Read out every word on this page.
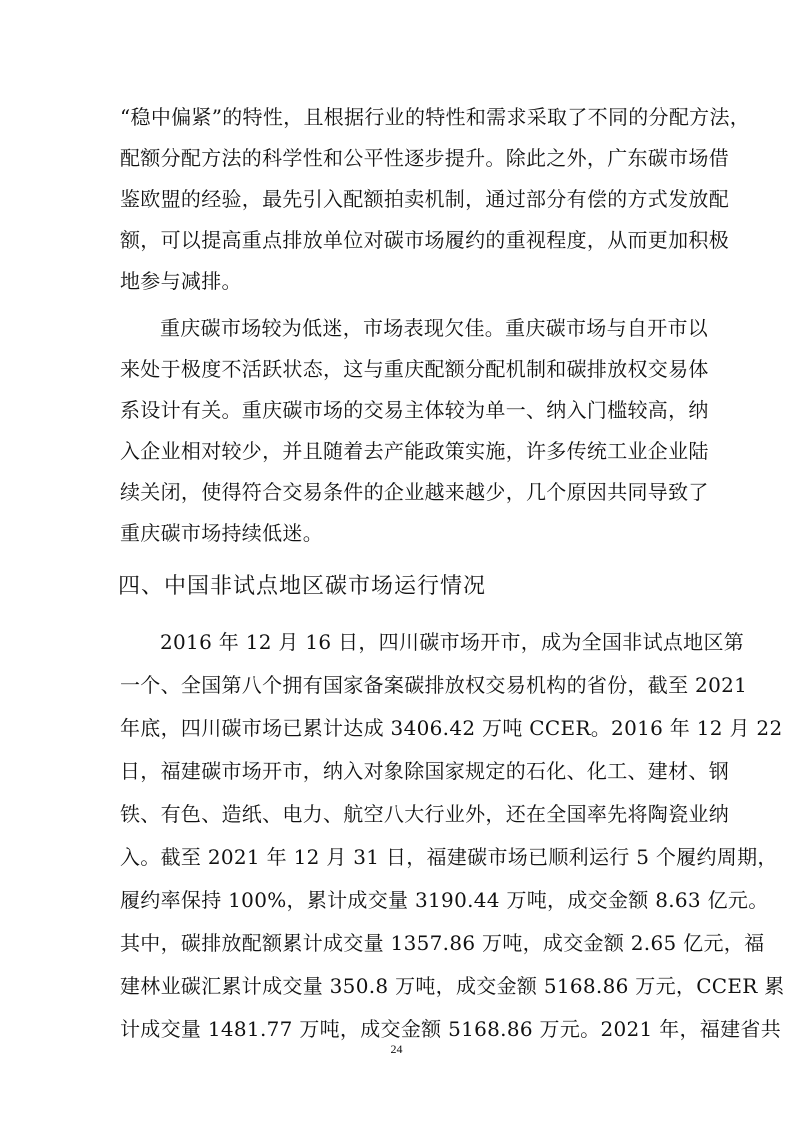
“稳中偏紧”的特性，且根据行业的特性和需求采取了不同的分配方法，
配额分配方法的科学性和公平性逐步提升。除此之外，广东碳市场借
鉴欧盟的经验，最先引入配额拍卖机制，通过部分有偿的方式发放配
额，可以提高重点排放单位对碳市场履约的重视程度，从而更加积极
地参与减排。
重庆碳市场较为低迷，市场表现欠佳。重庆碳市场与自开市以
来处于极度不活跃状态，这与重庆配额分配机制和碳排放权交易体
系设计有关。重庆碳市场的交易主体较为单一、纳入门槛较高，纳
入企业相对较少，并且随着去产能政策实施，许多传统工业企业陆
续关闭，使得符合交易条件的企业越来越少，几个原因共同导致了
重庆碳市场持续低迷。
四、中国非试点地区碳市场运行情况
2016 年 12 月 16 日，四川碳市场开市，成为全国非试点地区第
一个、全国第八个拥有国家备案碳排放权交易机构的省份，截至 2021
年底，四川碳市场已累计达成 3406.42 万吨 CCER。2016 年 12 月 22
日，福建碳市场开市，纳入对象除国家规定的石化、化工、建材、钢
铁、有色、造纸、电力、航空八大行业外，还在全国率先将陶瓷业纳
入。截至 2021 年 12 月 31 日，福建碳市场已顺利运行 5 个履约周期，
履约率保持 100%，累计成交量 3190.44 万吨，成交金额 8.63 亿元。
其中，碳排放配额累计成交量 1357.86 万吨，成交金额 2.65 亿元，福
建林业碳汇累计成交量 350.8 万吨，成交金额 5168.86 万元，CCER 累
计成交量 1481.77 万吨，成交金额 5168.86 万元。2021 年，福建省共
24
